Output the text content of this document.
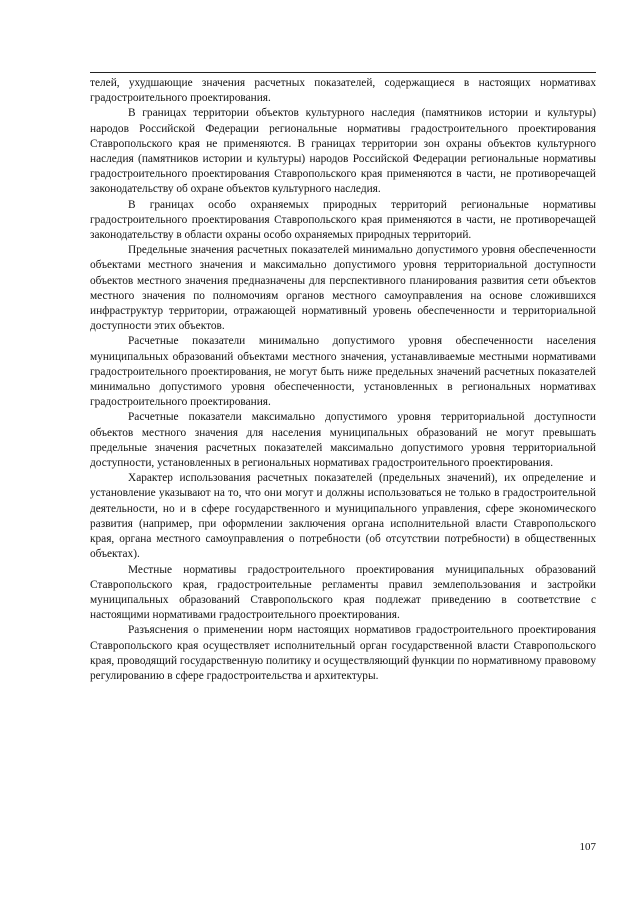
телей, ухудшающие значения расчетных показателей, содержащиеся в настоящих нормативах градостроительного проектирования.

В границах территории объектов культурного наследия (памятников истории и культуры) народов Российской Федерации региональные нормативы градостроительного проектирования Ставропольского края не применяются. В границах территории зон охраны объектов культурного наследия (памятников истории и культуры) народов Российской Федерации региональные нормативы градостроительного проектирования Ставропольского края применяются в части, не противоречащей законодательству об охране объектов культурного наследия.

В границах особо охраняемых природных территорий региональные нормативы градостроительного проектирования Ставропольского края применяются в части, не противоречащей законодательству в области охраны особо охраняемых природных территорий.

Предельные значения расчетных показателей минимально допустимого уровня обеспеченности объектами местного значения и максимально допустимого уровня территориальной доступности объектов местного значения предназначены для перспективного планирования развития сети объектов местного значения по полномочиям органов местного самоуправления на основе сложившихся инфраструктур территории, отражающей нормативный уровень обеспеченности и территориальной доступности этих объектов.

Расчетные показатели минимально допустимого уровня обеспеченности населения муниципальных образований объектами местного значения, устанавливаемые местными нормативами градостроительного проектирования, не могут быть ниже предельных значений расчетных показателей минимально допустимого уровня обеспеченности, установленных в региональных нормативах градостроительного проектирования.

Расчетные показатели максимально допустимого уровня территориальной доступности объектов местного значения для населения муниципальных образований не могут превышать предельные значения расчетных показателей максимально допустимого уровня территориальной доступности, установленных в региональных нормативах градостроительного проектирования.

Характер использования расчетных показателей (предельных значений), их определение и установление указывают на то, что они могут и должны использоваться не только в градостроительной деятельности, но и в сфере государственного и муниципального управления, сфере экономического развития (например, при оформлении заключения органа исполнительной власти Ставропольского края, органа местного самоуправления о потребности (об отсутствии потребности) в общественных объектах).

Местные нормативы градостроительного проектирования муниципальных образований Ставропольского края, градостроительные регламенты правил землепользования и застройки муниципальных образований Ставропольского края подлежат приведению в соответствие с настоящими нормативами градостроительного проектирования.

Разъяснения о применении норм настоящих нормативов градостроительного проектирования Ставропольского края осуществляет исполнительный орган государственной власти Ставропольского края, проводящий государственную политику и осуществляющий функции по нормативному правовому регулированию в сфере градостроительства и архитектуры.

107
